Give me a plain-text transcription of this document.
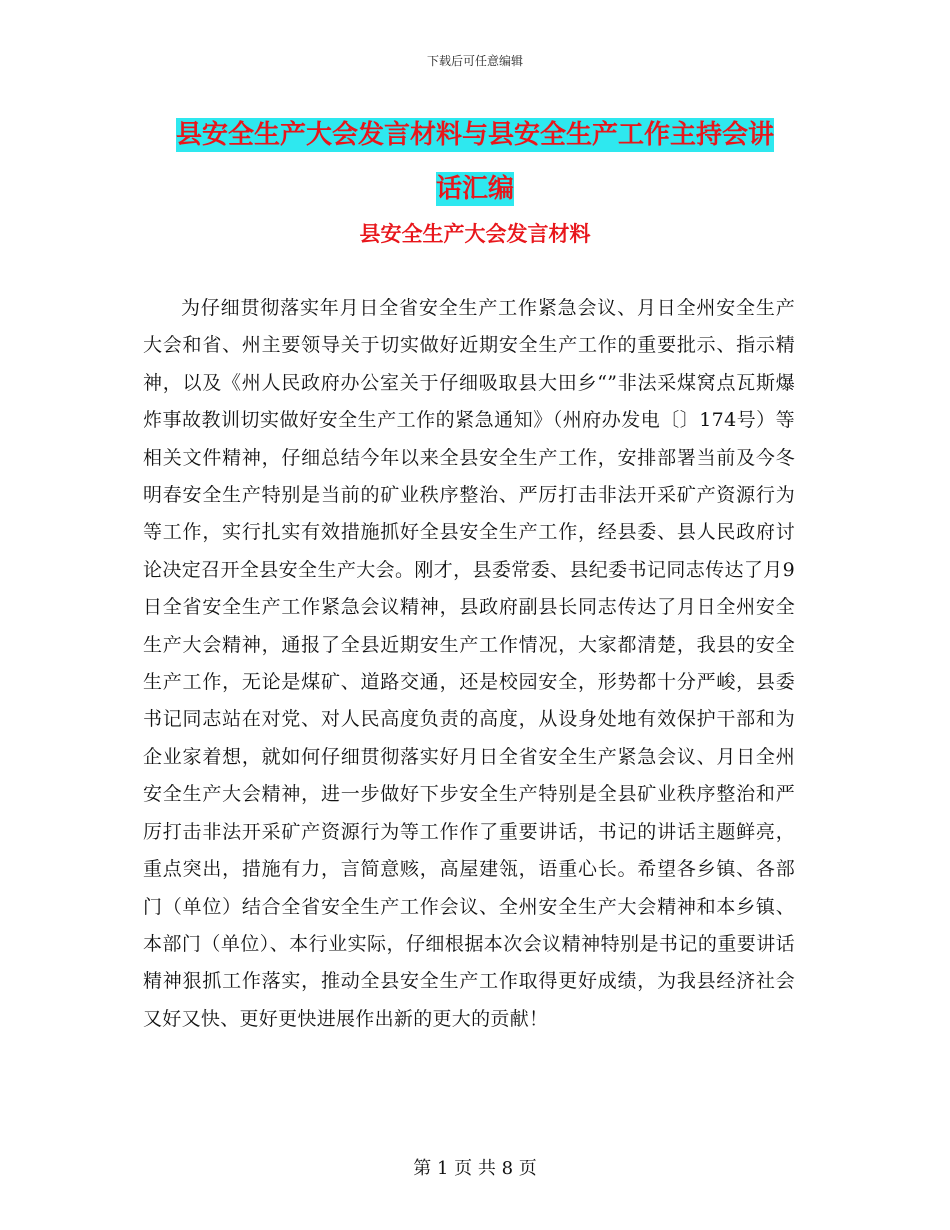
下载后可任意编辑
县安全生产大会发言材料与县安全生产工作主持会讲
话汇编
县安全生产大会发言材料

为仔细贯彻落实年月日全省安全生产工作紧急会议、月日全州安全生产大会和省、州主要领导关于切实做好近期安全生产工作的重要批示、指示精神，以及《州人民政府办公室关于仔细吸取县大田乡“”非法采煤窝点瓦斯爆炸事故教训切实做好安全生产工作的紧急通知》（州府办发电〔〕174号）等相关文件精神，仔细总结今年以来全县安全生产工作，安排部署当前及今冬明春安全生产特别是当前的矿业秩序整治、严厉打击非法开采矿产资源行为等工作，实行扎实有效措施抓好全县安全生产工作，经县委、县人民政府讨论决定召开全县安全生产大会。刚才，县委常委、县纪委书记同志传达了月9日全省安全生产工作紧急会议精神，县政府副县长同志传达了月日全州安全生产大会精神，通报了全县近期安生产工作情况，大家都清楚，我县的安全生产工作，无论是煤矿、道路交通，还是校园安全，形势都十分严峻，县委书记同志站在对党、对人民高度负责的高度，从设身处地有效保护干部和为企业家着想，就如何仔细贯彻落实好月日全省安全生产紧急会议、月日全州安全生产大会精神，进一步做好下步安全生产特别是全县矿业秩序整治和严厉打击非法开采矿产资源行为等工作作了重要讲话，书记的讲话主题鲜亮，重点突出，措施有力，言简意赅，高屋建瓴，语重心长。希望各乡镇、各部门（单位）结合全省安全生产工作会议、全州安全生产大会精神和本乡镇、本部门（单位）、本行业实际，仔细根据本次会议精神特别是书记的重要讲话精神狠抓工作落实，推动全县安全生产工作取得更好成绩，为我县经济社会又好又快、更好更快进展作出新的更大的贡献！

第 1 页 共 8 页
